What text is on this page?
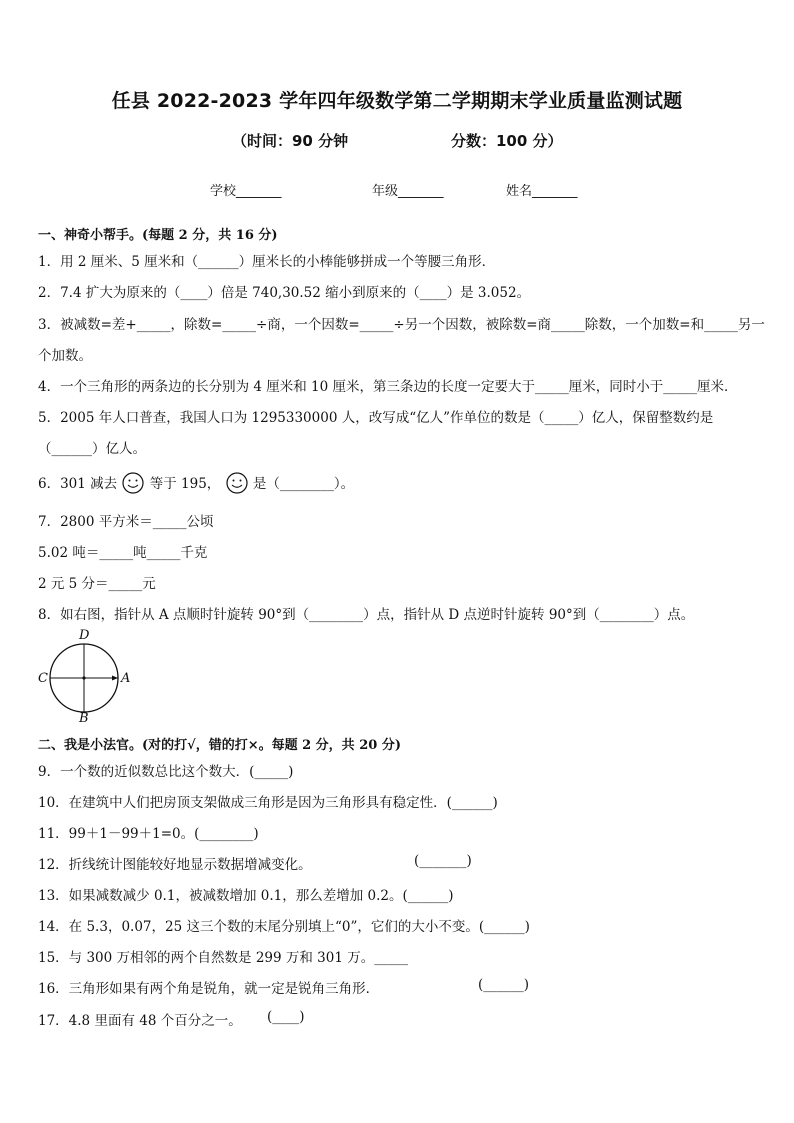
任县 2022-2023 学年四年级数学第二学期期末学业质量监测试题
（时间：90 分钟	分数：100 分）
学校_______	年级_______	姓名_______
一、神奇小帮手。(每题 2 分，共 16 分)
1．用 2 厘米、5 厘米和（______）厘米长的小棒能够拼成一个等腰三角形．
2．7.4 扩大为原来的（____）倍是 740,30.52 缩小到原来的（____）是 3.052。
3．被减数=差+_____，除数=_____÷商，一个因数=_____÷另一个因数，被除数=商_____除数，一个加数=和_____另一
个加数。
4．一个三角形的两条边的长分别为 4 厘米和 10 厘米，第三条边的长度一定要大于_____厘米，同时小于_____厘米．
5．2005 年人口普查，我国人口为 1295330000 人，改写成“亿人”作单位的数是（_____）亿人，保留整数约是
（______）亿人。
6．301 减去 等于 195， 是（________）。
7．2800 平方米＝_____公顷
5.02 吨＝_____吨_____千克
2 元 5 分＝_____元
8．如右图，指针从 A 点顺时针旋转 90°到（________）点，指针从 D 点逆时针旋转 90°到（________）点。
D
B
C	A
二、我是小法官。(对的打√，错的打×。每题 2 分，共 20 分)
9．一个数的近似数总比这个数大．(_____)
10．在建筑中人们把房顶支架做成三角形是因为三角形具有稳定性．(______)
11．99＋1－99＋1=0。(________)
12．折线统计图能较好地显示数据增减变化。	(_______)
13．如果减数减少 0.1，被减数增加 0.1，那么差增加 0.2。(______)
14．在 5.3，0.07，25 这三个数的末尾分别填上“0”，它们的大小不变。(______)
15．与 300 万相邻的两个自然数是 299 万和 301 万。_____
16．三角形如果有两个角是锐角，就一定是锐角三角形．	(______)
17．4.8 里面有 48 个百分之一。 (____)
